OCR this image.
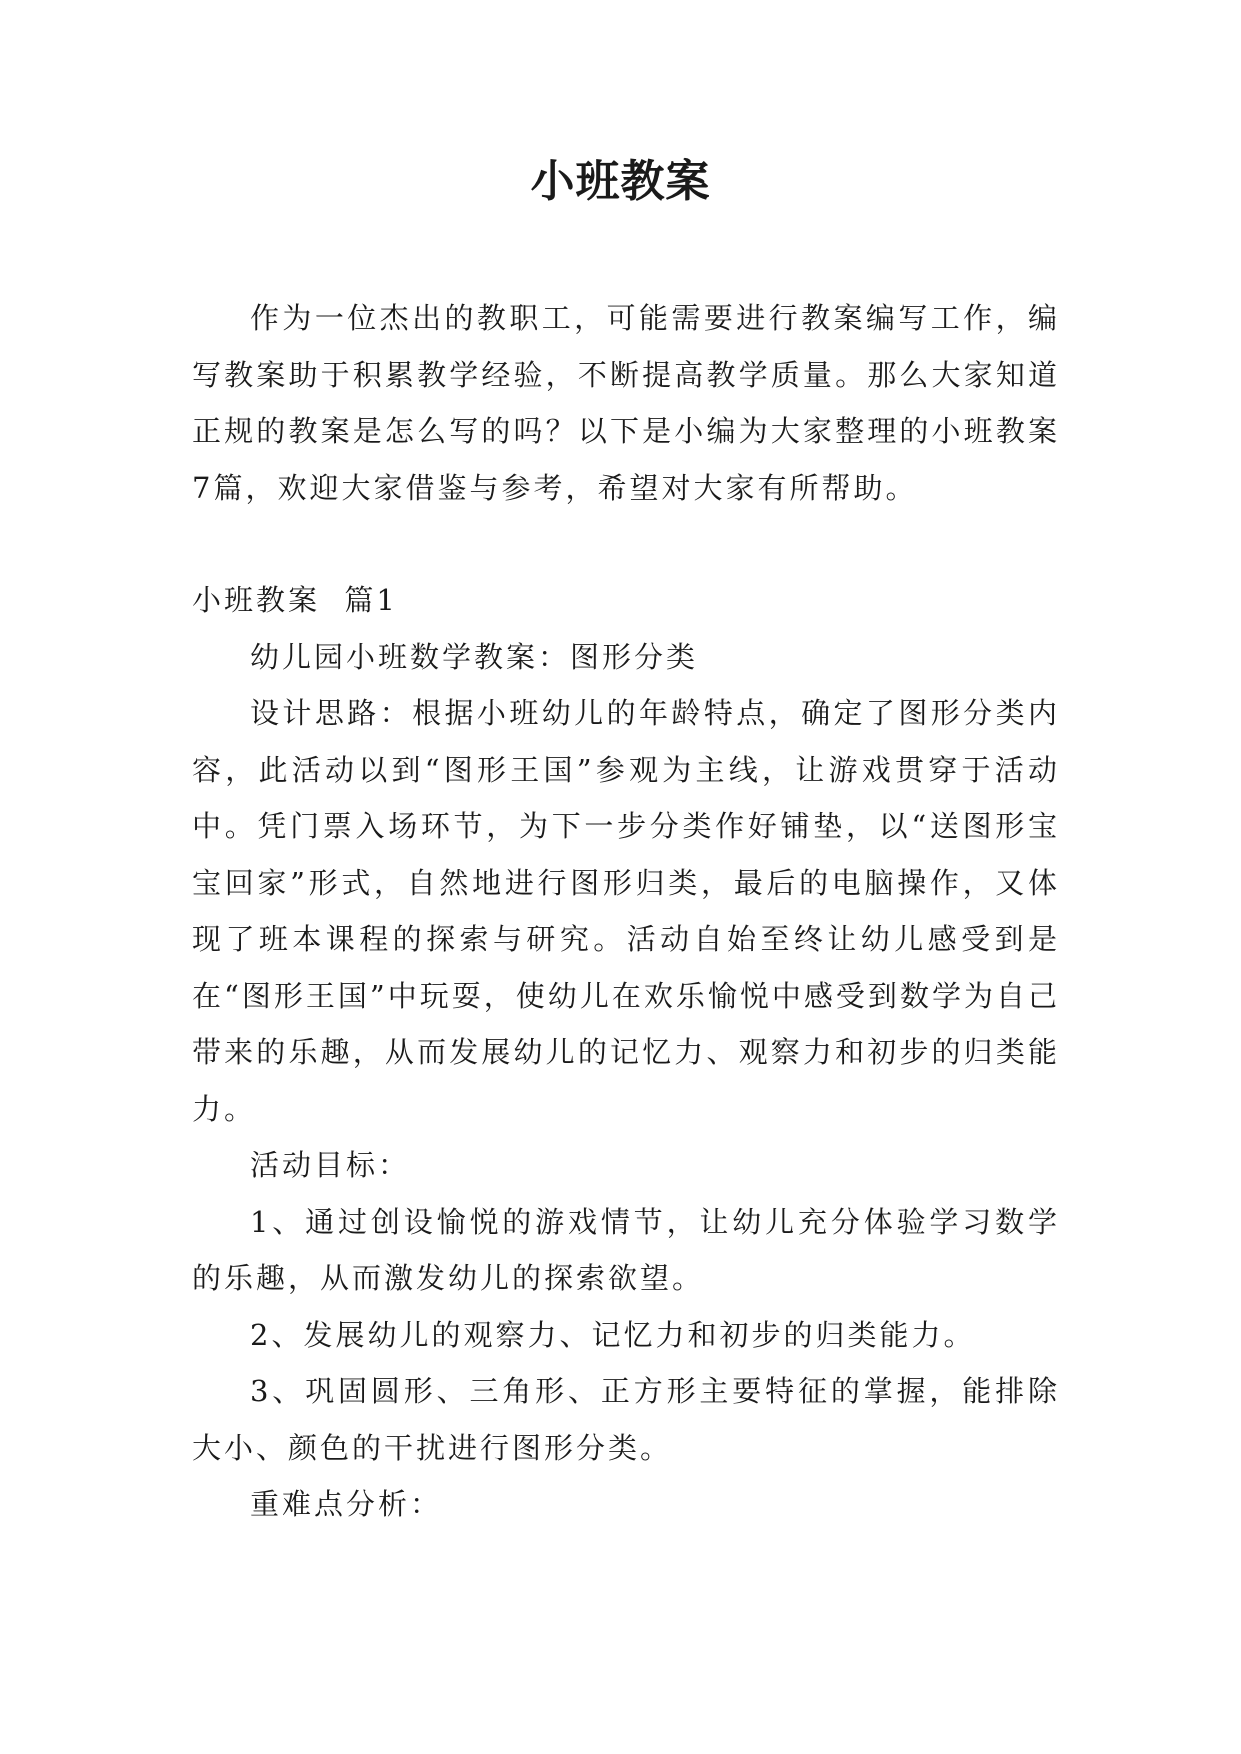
小班教案

作为一位杰出的教职工，可能需要进行教案编写工作，编写教案助于积累教学经验，不断提高教学质量。那么大家知道正规的教案是怎么写的吗？以下是小编为大家整理的小班教案7篇，欢迎大家借鉴与参考，希望对大家有所帮助。

小班教案  篇1

幼儿园小班数学教案：图形分类

设计思路：根据小班幼儿的年龄特点，确定了图形分类内容，此活动以到“图形王国”参观为主线，让游戏贯穿于活动中。凭门票入场环节，为下一步分类作好铺垫，以“送图形宝宝回家”形式，自然地进行图形归类，最后的电脑操作，又体现了班本课程的探索与研究。活动自始至终让幼儿感受到是在“图形王国”中玩耍，使幼儿在欢乐愉悦中感受到数学为自己带来的乐趣，从而发展幼儿的记忆力、观察力和初步的归类能力。

活动目标：

1、通过创设愉悦的游戏情节，让幼儿充分体验学习数学的乐趣，从而激发幼儿的探索欲望。

2、发展幼儿的观察力、记忆力和初步的归类能力。

3、巩固圆形、三角形、正方形主要特征的掌握，能排除大小、颜色的干扰进行图形分类。

重难点分析：
